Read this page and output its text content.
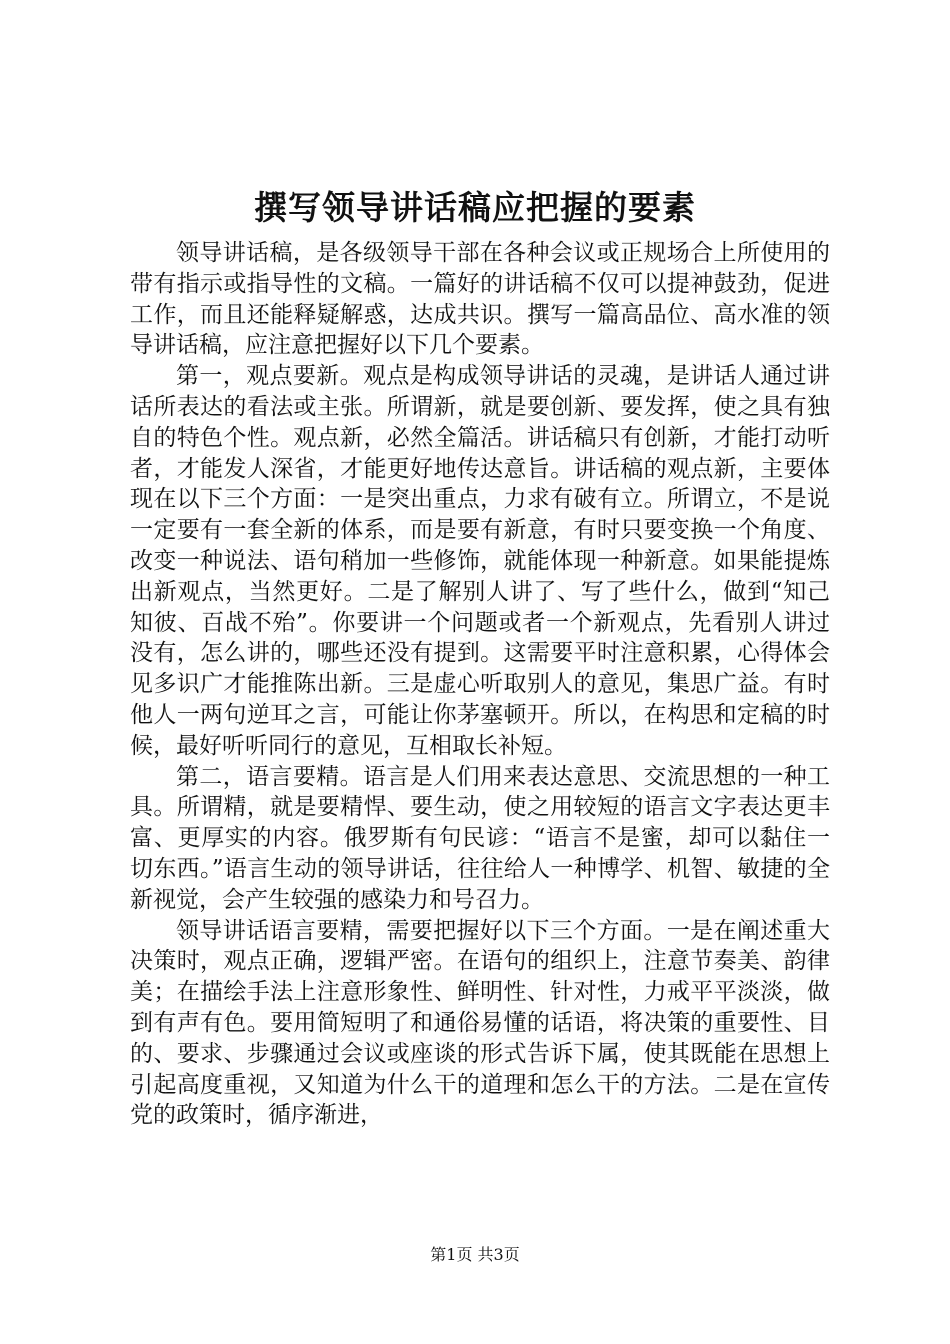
撰写领导讲话稿应把握的要素

领导讲话稿，是各级领导干部在各种会议或正规场合上所使用的带有指示或指导性的文稿。一篇好的讲话稿不仅可以提神鼓劲，促进工作，而且还能释疑解惑，达成共识。撰写一篇高品位、高水准的领导讲话稿，应注意把握好以下几个要素。

第一，观点要新。观点是构成领导讲话的灵魂，是讲话人通过讲话所表达的看法或主张。所谓新，就是要创新、要发挥，使之具有独自的特色个性。观点新，必然全篇活。讲话稿只有创新，才能打动听者，才能发人深省，才能更好地传达意旨。讲话稿的观点新，主要体现在以下三个方面：一是突出重点，力求有破有立。所谓立，不是说一定要有一套全新的体系，而是要有新意，有时只要变换一个角度、改变一种说法、语句稍加一些修饰，就能体现一种新意。如果能提炼出新观点，当然更好。二是了解别人讲了、写了些什么，做到“知己知彼、百战不殆”。你要讲一个问题或者一个新观点，先看别人讲过没有，怎么讲的，哪些还没有提到。这需要平时注意积累，心得体会见多识广才能推陈出新。三是虚心听取别人的意见，集思广益。有时他人一两句逆耳之言，可能让你茅塞顿开。所以，在构思和定稿的时候，最好听听同行的意见，互相取长补短。

第二，语言要精。语言是人们用来表达意思、交流思想的一种工具。所谓精，就是要精悍、要生动，使之用较短的语言文字表达更丰富、更厚实的内容。俄罗斯有句民谚：“语言不是蜜，却可以黏住一切东西。”语言生动的领导讲话，往往给人一种博学、机智、敏捷的全新视觉，会产生较强的感染力和号召力。

领导讲话语言要精，需要把握好以下三个方面。一是在阐述重大决策时，观点正确，逻辑严密。在语句的组织上，注意节奏美、韵律美；在描绘手法上注意形象性、鲜明性、针对性，力戒平平淡淡，做到有声有色。要用简短明了和通俗易懂的话语，将决策的重要性、目的、要求、步骤通过会议或座谈的形式告诉下属，使其既能在思想上引起高度重视，又知道为什么干的道理和怎么干的方法。二是在宣传党的政策时，循序渐进，

第1页 共3页
